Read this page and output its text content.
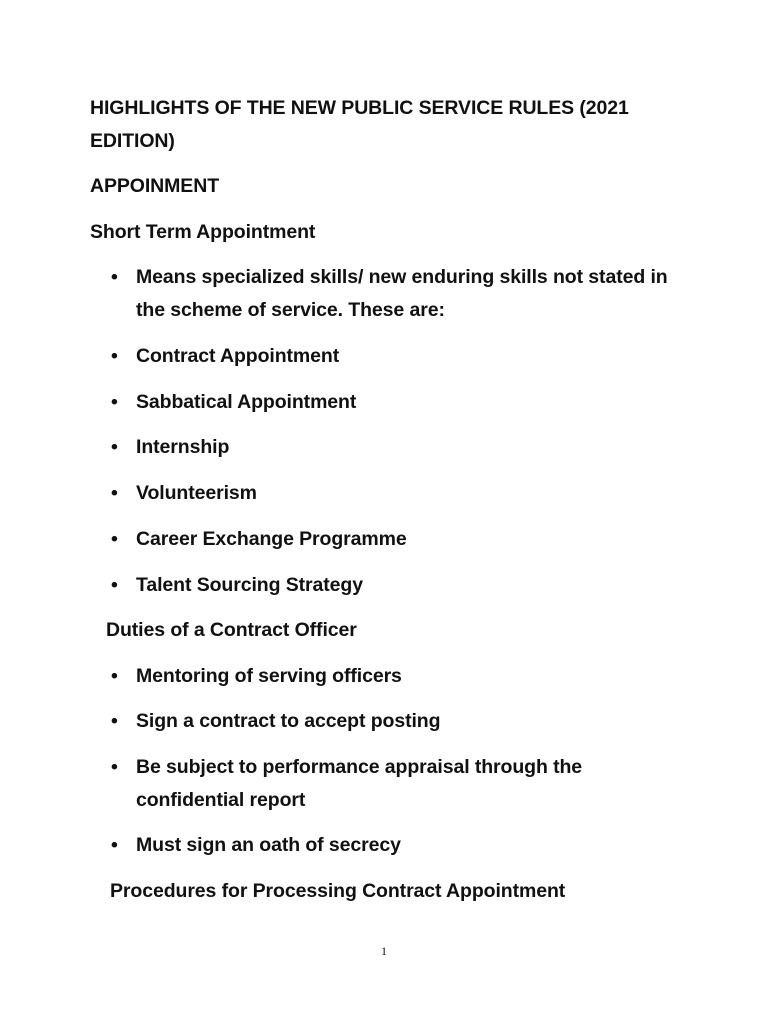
HIGHLIGHTS OF THE NEW PUBLIC SERVICE RULES (2021
EDITION)
APPOINMENT
Short Term Appointment
• Means specialized skills/ new enduring skills not stated in the scheme of service. These are:
• Contract Appointment
• Sabbatical Appointment
• Internship
• Volunteerism
• Career Exchange Programme
• Talent Sourcing Strategy
Duties of a Contract Officer
• Mentoring of serving officers
• Sign a contract to accept posting
• Be subject to performance appraisal through the confidential report
• Must sign an oath of secrecy
Procedures for Processing Contract Appointment
1
